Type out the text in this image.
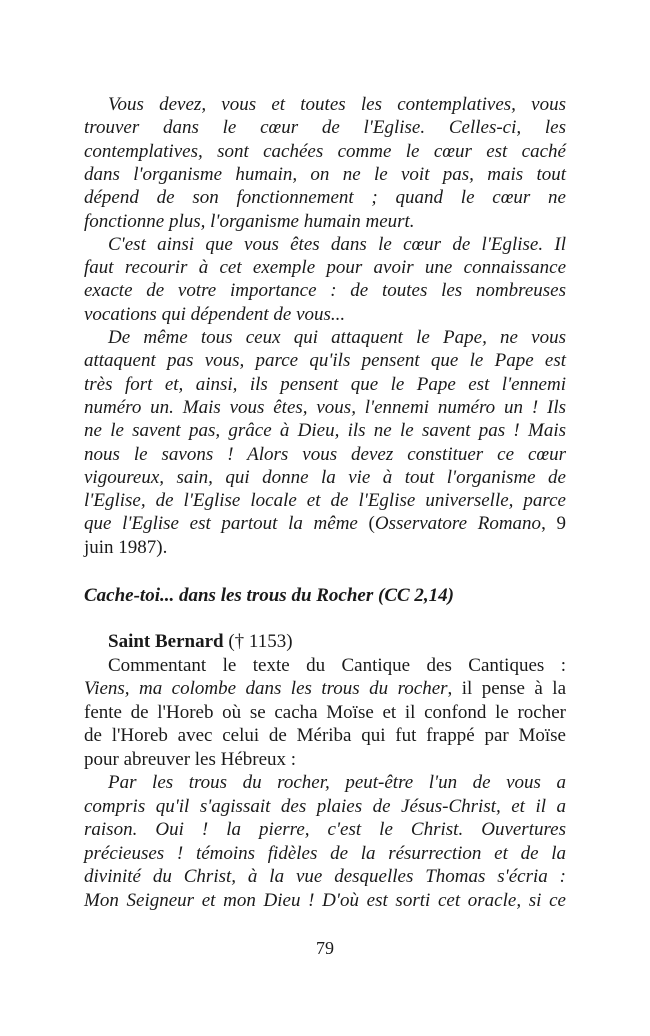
Vous devez, vous et toutes les contemplatives, vous
trouver dans le cœur de l'Eglise. Celles-ci, les
contemplatives, sont cachées comme le cœur est caché
dans l'organisme humain, on ne le voit pas, mais tout
dépend de son fonctionnement ; quand le cœur ne
fonctionne plus, l'organisme humain meurt.
C'est ainsi que vous êtes dans le cœur de l'Eglise. Il
faut recourir à cet exemple pour avoir une connaissance
exacte de votre importance : de toutes les nombreuses
vocations qui dépendent de vous...
De même tous ceux qui attaquent le Pape, ne vous
attaquent pas vous, parce qu'ils pensent que le Pape est
très fort et, ainsi, ils pensent que le Pape est l'ennemi
numéro un. Mais vous êtes, vous, l'ennemi numéro un ! Ils
ne le savent pas, grâce à Dieu, ils ne le savent pas ! Mais
nous le savons ! Alors vous devez constituer ce cœur
vigoureux, sain, qui donne la vie à tout l'organisme de
l'Eglise, de l'Eglise locale et de l'Eglise universelle, parce
que l'Eglise est partout la même (Osservatore Romano, 9
juin 1987).
Cache-toi... dans les trous du Rocher (CC 2,14)
Saint Bernard († 1153)
Commentant le texte du Cantique des Cantiques :
Viens, ma colombe dans les trous du rocher, il pense à la
fente de l'Horeb où se cacha Moïse et il confond le rocher
de l'Horeb avec celui de Mériba qui fut frappé par Moïse
pour abreuver les Hébreux :
Par les trous du rocher, peut-être l'un de vous a
compris qu'il s'agissait des plaies de Jésus-Christ, et il a
raison. Oui ! la pierre, c'est le Christ. Ouvertures
précieuses ! témoins fidèles de la résurrection et de la
divinité du Christ, à la vue desquelles Thomas s'écria :
Mon Seigneur et mon Dieu ! D'où est sorti cet oracle, si ce
79
